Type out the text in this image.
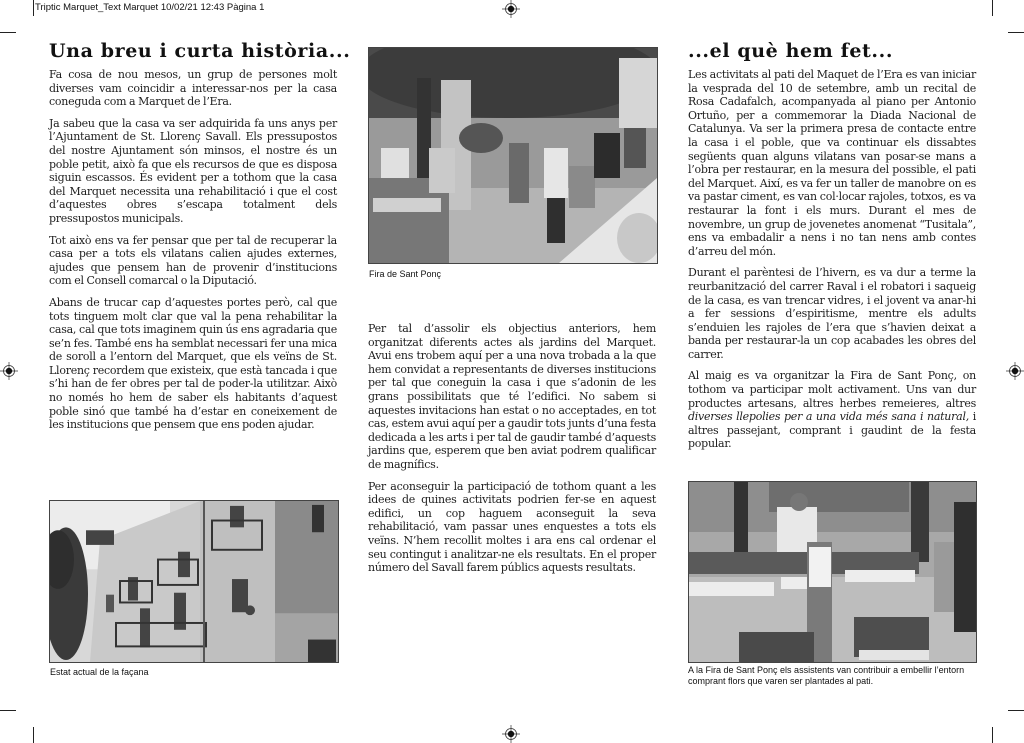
Triptic Marquet_Text Marquet 10/02/21 12:43 Pàgina 1
Una breu i curta història...

Fa cosa de nou mesos, un grup de persones molt diverses vam coincidir a interessar-nos per la casa coneguda com a Marquet de l’Era.

Ja sabeu que la casa va ser adquirida fa uns anys per l’Ajuntament de St. Llorenç Savall. Els pressupostos del nostre Ajuntament són minsos, el nostre és un poble petit, això fa que els recursos de que es disposa siguin escassos. És evident per a tothom que la casa del Marquet necessita una rehabilitació i que el cost d’aquestes obres s’escapa totalment dels pressupostos municipals.

Tot això ens va fer pensar que per tal de recuperar la casa per a tots els vilatans calien ajudes externes, ajudes que pensem han de provenir d’institucions com el Consell comarcal o la Diputació.

Abans de trucar cap d’aquestes portes però, cal que tots tinguem molt clar que val la pena rehabilitar la casa, cal que tots imaginem quin ús ens agradaria que se’n fes. També ens ha semblat necessari fer una mica de soroll a l’entorn del Marquet, que els veïns de St. Llorenç recordem que existeix, que està tancada i que s’hi han de fer obres per tal de poder-la utilitzar. Això no només ho hem de saber els habitants d’aquest poble sinó que també ha d’estar en coneixement de les institucions que pensem que ens poden ajudar.

Estat actual de la façana
Fira de Sant Ponç

Per tal d’assolir els objectius anteriors, hem organitzat diferents actes als jardins del Marquet. Avui ens trobem aquí per a una nova trobada a la que hem convidat a representants de diverses institucions per tal que coneguin la casa i que s’adonin de les grans possibilitats que té l’edifici. No sabem si aquestes invitacions han estat o no acceptades, en tot cas, estem avui aquí per a gaudir tots junts d’una festa dedicada a les arts i per tal de gaudir també d’aquests jardins que, esperem que ben aviat podrem qualificar de magnífics.

Per aconseguir la participació de tothom quant a les idees de quines activitats podrien fer-se en aquest edifici, un cop haguem aconseguit la seva rehabilitació, vam passar unes enquestes a tots els veïns. N’hem recollit moltes i ara ens cal ordenar el seu contingut i analitzar-ne els resultats. En el proper número del Savall farem públics aquests resultats.

...el què hem fet...

Les activitats al pati del Maquet de l’Era es van iniciar la vesprada del 10 de setembre, amb un recital de Rosa Cadafalch, acompanyada al piano per Antonio Ortuño, per a commemorar la Diada Nacional de Catalunya. Va ser la primera presa de contacte entre la casa i el poble, que va continuar els dissabtes següents quan alguns vilatans van posar-se mans a l’obra per restaurar, en la mesura del possible, el pati del Marquet. Així, es va fer un taller de manobre on es va pastar ciment, es van col·locar rajoles, totxos, es va restaurar la font i els murs. Durant el mes de novembre, un grup de jovenetes anomenat “Tusitala”, ens va embadalir a nens i no tan nens amb contes d’arreu del món.

Durant el parèntesi de l’hivern, es va dur a terme la reurbanització del carrer Raval i el robatori i saqueig de la casa, es van trencar vidres, i el jovent va anar-hi a fer sessions d’espiritisme, mentre els adults s’enduien les rajoles de l’era que s’havien deixat a banda per restaurar-la un cop acabades les obres del carrer.

Al maig es va organitzar la Fira de Sant Ponç, on tothom va participar molt activament. Uns van dur productes artesans, altres herbes remeieres, altres diverses llepolies per a una vida més sana i natural, i altres passejant, comprant i gaudint de la festa popular.

A la Fira de Sant Ponç els assistents van contribuir a embellir l’entorn comprant flors que varen ser plantades al pati.
